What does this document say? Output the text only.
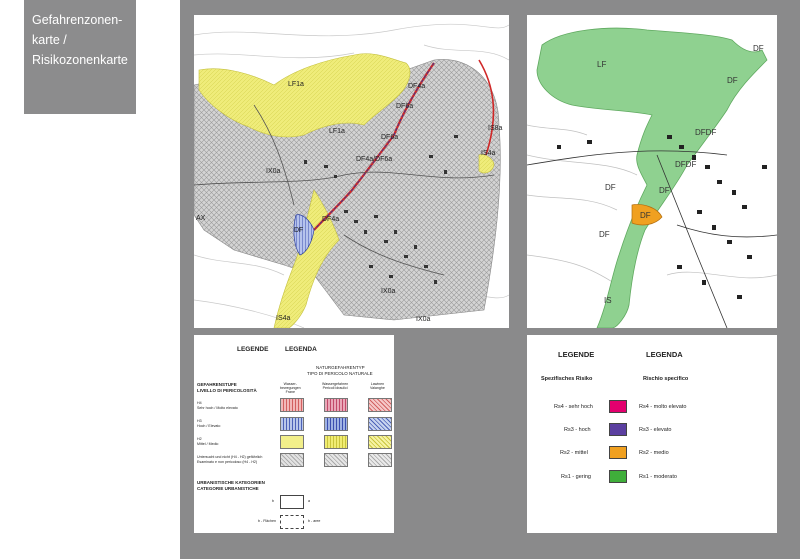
Gefahrenzonen-
karte /
Risikozonenkarte
LF1a
LF1a
DF4a
DF6a
DF6a
DF4a/DF6a
IX0a
DF4a
DF
IS8a
IS4a
IS4a
AX
IX0a
IX0a
LF
DF
DF
DFDF
DFDF
DF
DF
DF
DF
IS
LEGENDE	LEGENDA
NATURGEFAHRENTYP
TIPO DI PERICOLO NATURALE
Wasser-
bewegungen
Frane
Wassergefahren
Pericoli idraulici
Lawinen
Valanghe
GEFAHRENSTUFE
LIVELLO DI PERICOLOSITÀ
H4
Sehr hoch / Molto elevato
H3
Hoch / Elevato
H2
Mittel / Medio
Untersucht und nicht (H4 - H2) gefährlich
Esaminato e non pericoloso (H4 - H2)
URBANISTISCHE KATEGORIEN
CATEGORIE URBANISTICHE
b	a
b - Flächen	b - aree
LEGENDE	LEGENDA
Spezifisches Risiko	Rischio specifico
Rs4 - sehr hoch	Rs4 - molto elevato
Rs3 - hoch	Rs3 - elevato
Rs2 - mittel	Rs2 - medio
Rs1 - gering	Rs1 - moderato
